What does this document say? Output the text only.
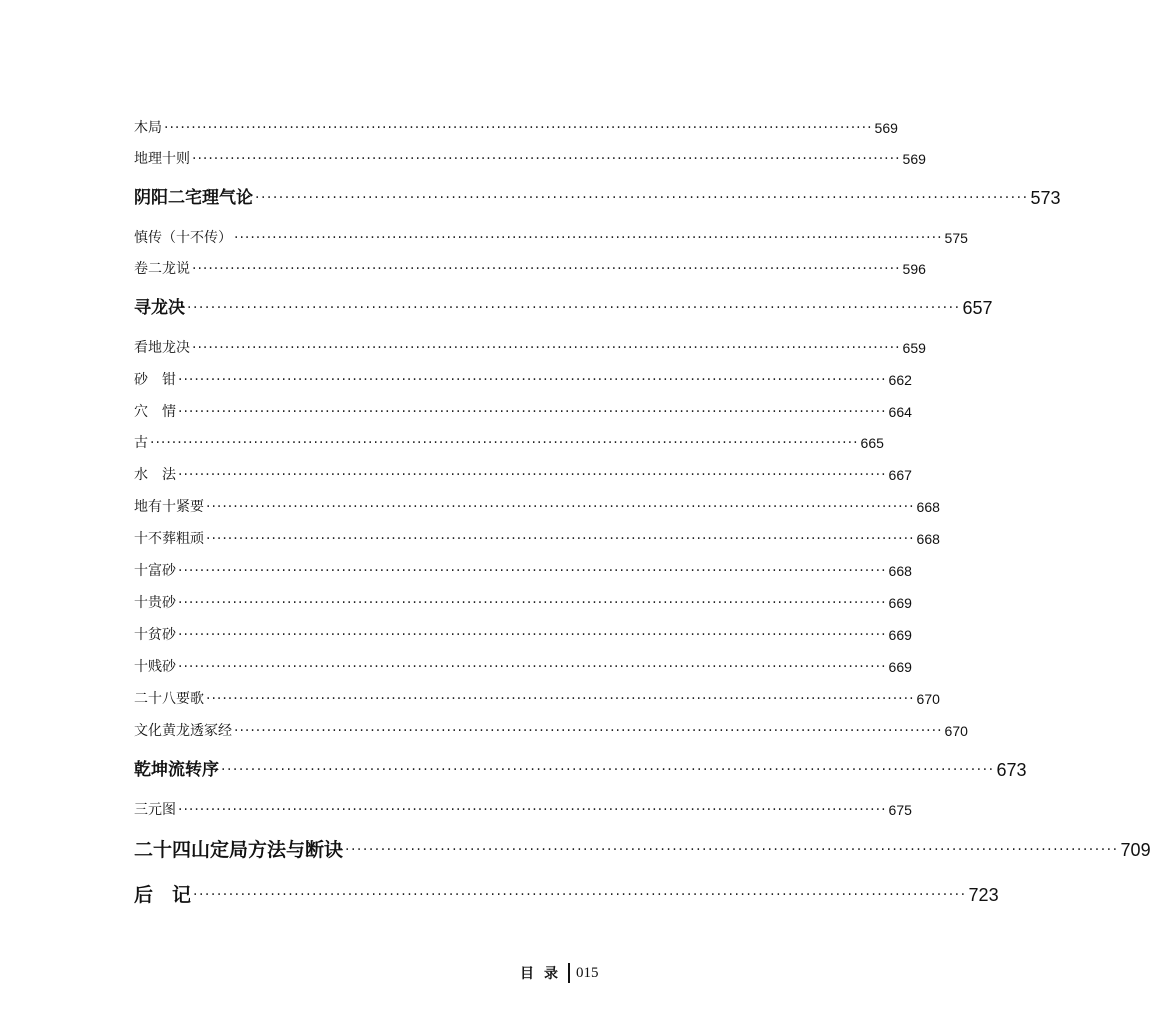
木局 ·································································································································· 569
地理十则 ·································································································································· 569
阴阳二宅理气论 ·································································································································· 573
慎传（十不传） ·································································································································· 575
卷二龙说 ·································································································································· 596
寻龙决 ·································································································································· 657
看地龙决 ·································································································································· 659
砂　钳 ·································································································································· 662
穴　情 ·································································································································· 664
古 ·································································································································· 665
水　法 ·································································································································· 667
地有十紧要 ·································································································································· 668
十不葬粗顽 ·································································································································· 668
十富砂 ·································································································································· 668
十贵砂 ·································································································································· 669
十贫砂 ·································································································································· 669
十贱砂 ·································································································································· 669
二十八要歌 ·································································································································· 670
文化黄龙透冢经 ·································································································································· 670
乾坤流转序 ·································································································································· 673
三元图 ·································································································································· 675
二十四山定局方法与断诀 ·································································································································· 709
后　记 ·································································································································· 723
目录 015
